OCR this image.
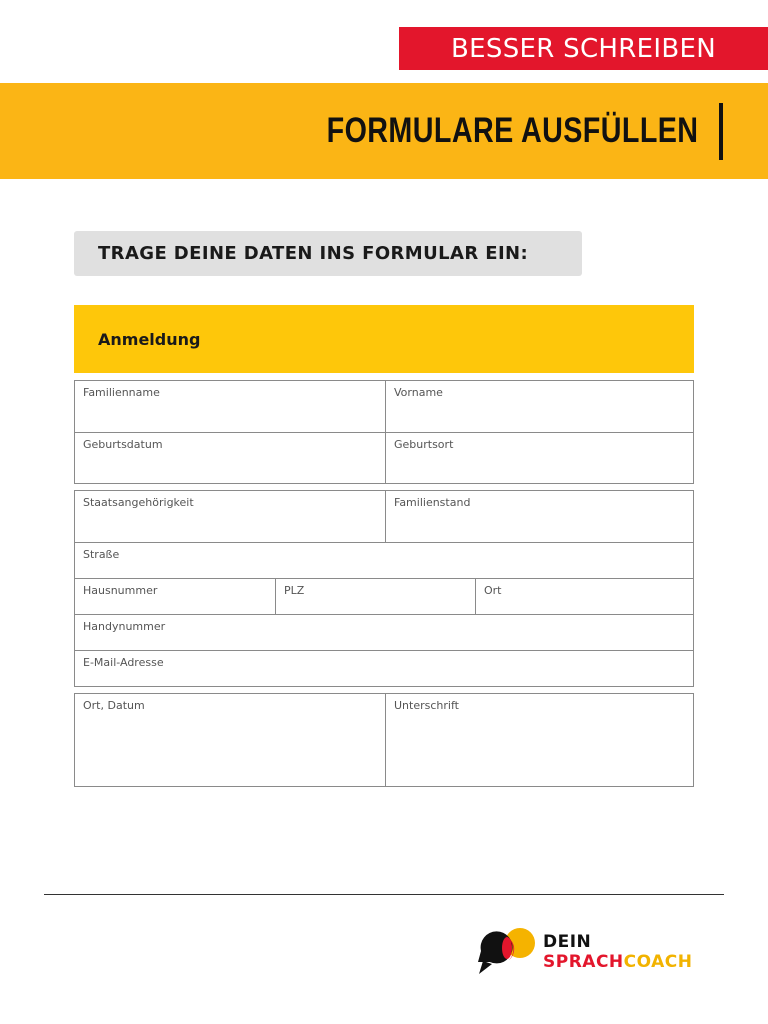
BESSER SCHREIBEN
FORMULARE AUSFÜLLEN
TRAGE DEINE DATEN INS FORMULAR EIN:
Anmeldung
Familienname	Vorname
Geburtsdatum	Geburtsort
Staatsangehörigkeit	Familienstand
Straße
Hausnummer	PLZ	Ort
Handynummer
E-Mail-Adresse
Ort, Datum	Unterschrift
DEIN
SPRACHCOACH
